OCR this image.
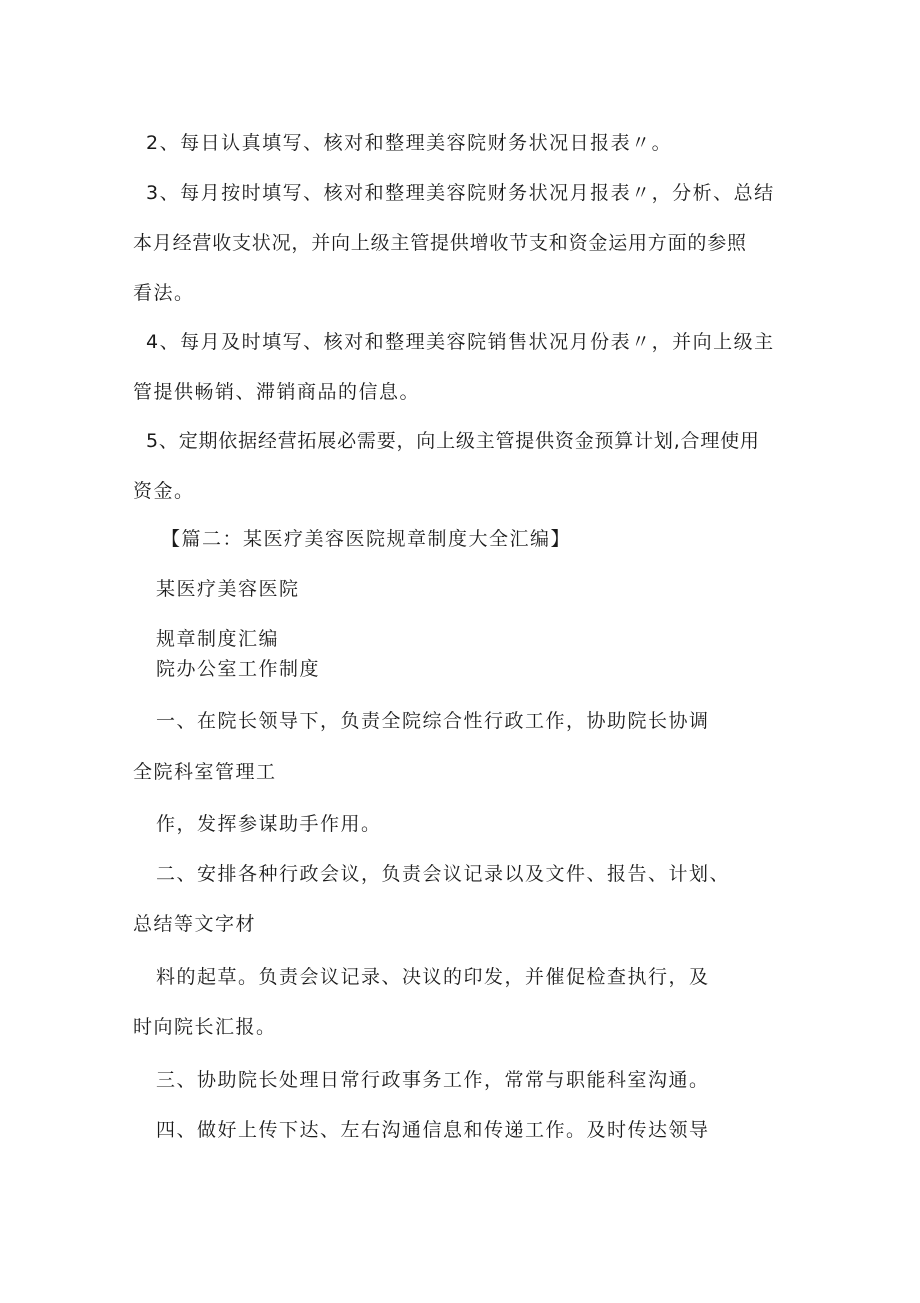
2、每日认真填写、核对和整理美容院财务状况日报表〃。
3、每月按时填写、核对和整理美容院财务状况月报表〃，分析、总结
本月经营收支状况，并向上级主管提供增收节支和资金运用方面的参照
看法。
4、每月及时填写、核对和整理美容院销售状况月份表〃，并向上级主
管提供畅销、滞销商品的信息。
5、定期依据经营拓展必需要，向上级主管提供资金预算计划,合理使用
资金。
【篇二：某医疗美容医院规章制度大全汇编】
某医疗美容医院
规章制度汇编
院办公室工作制度
一、在院长领导下，负责全院综合性行政工作，协助院长协调
全院科室管理工
作，发挥参谋助手作用。
二、安排各种行政会议，负责会议记录以及文件、报告、计划、
总结等文字材
料的起草。负责会议记录、决议的印发，并催促检查执行，及
时向院长汇报。
三、协助院长处理日常行政事务工作，常常与职能科室沟通。
四、做好上传下达、左右沟通信息和传递工作。及时传达领导
